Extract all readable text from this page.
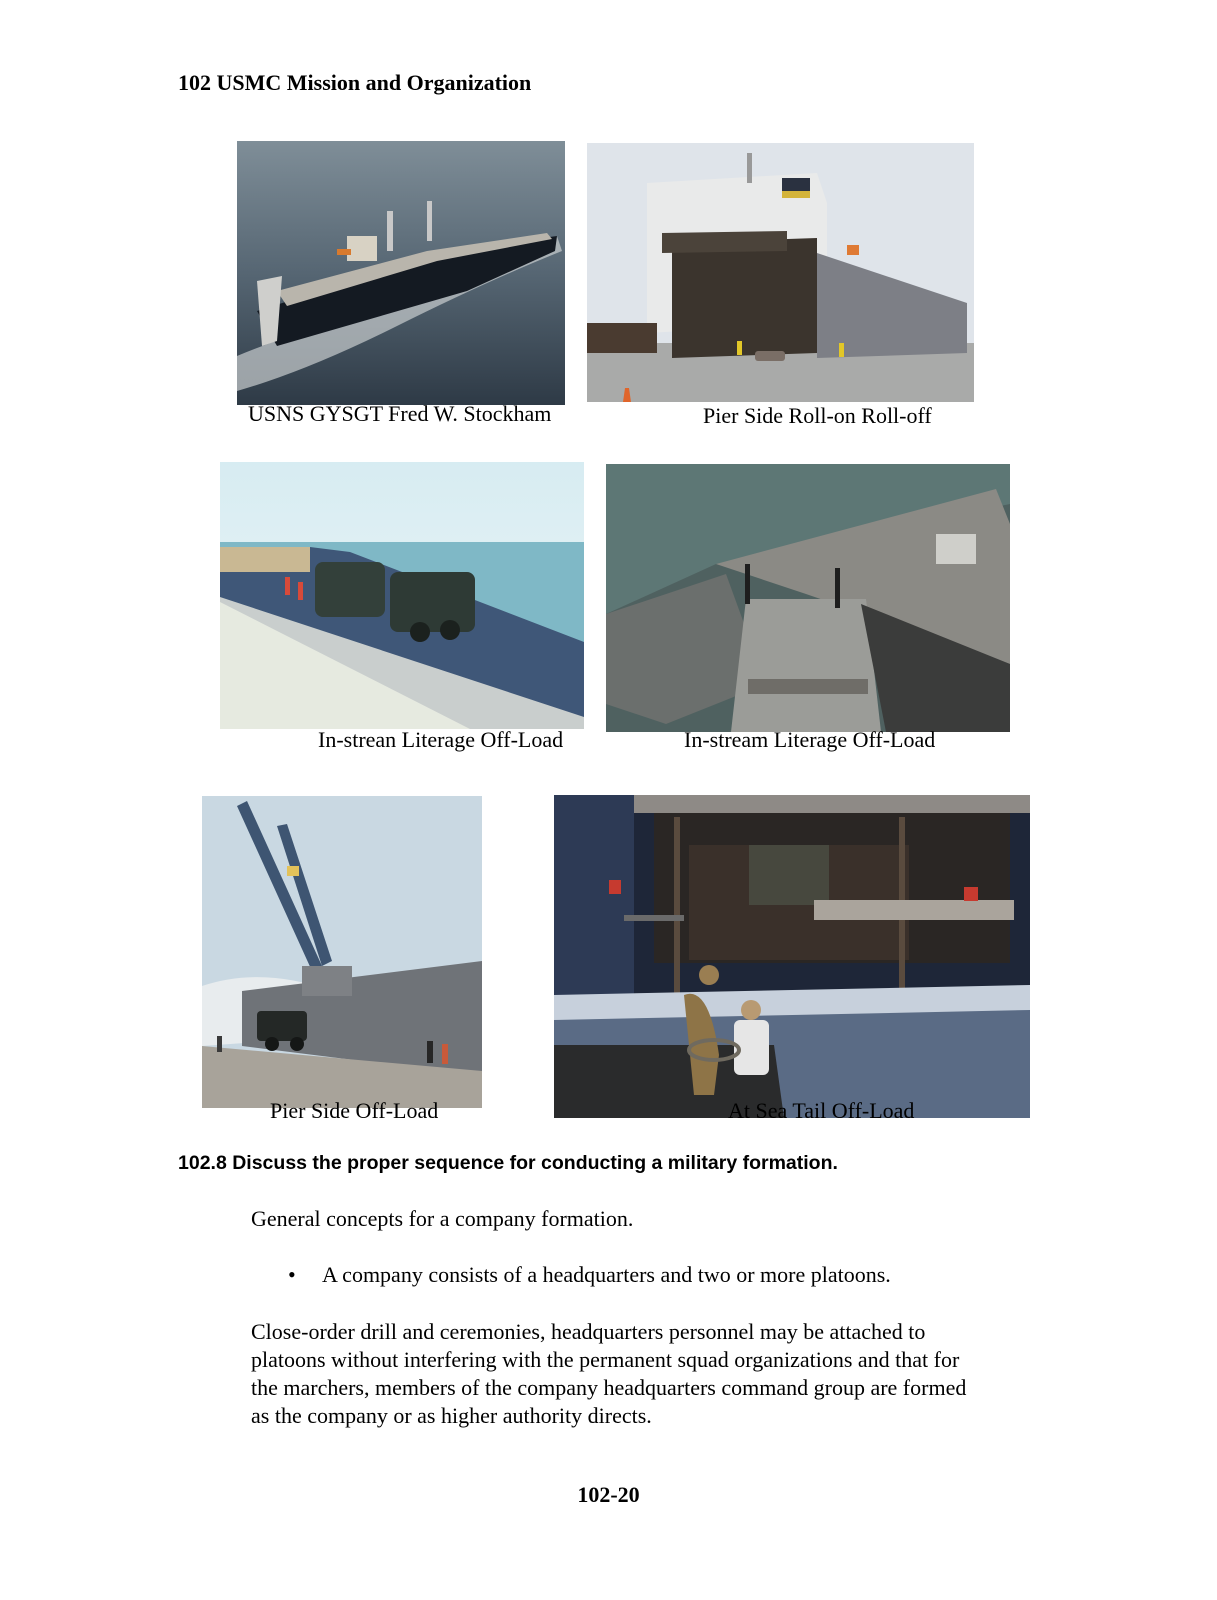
102 USMC Mission and Organization
USNS GYSGT Fred W. Stockham	Pier Side Roll-on Roll-off
In-strean Literage Off-Load	In-stream Literage Off-Load
Pier Side Off-Load	At Sea Tail Off-Load
102.8 Discuss the proper sequence for conducting a military formation.
General concepts for a company formation.
•	A company consists of a headquarters and two or more platoons.
Close-order drill and ceremonies, headquarters personnel may be attached to
platoons without interfering with the permanent squad organizations and that for
the marchers, members of the company headquarters command group are formed
as the company or as higher authority directs.
102-20
